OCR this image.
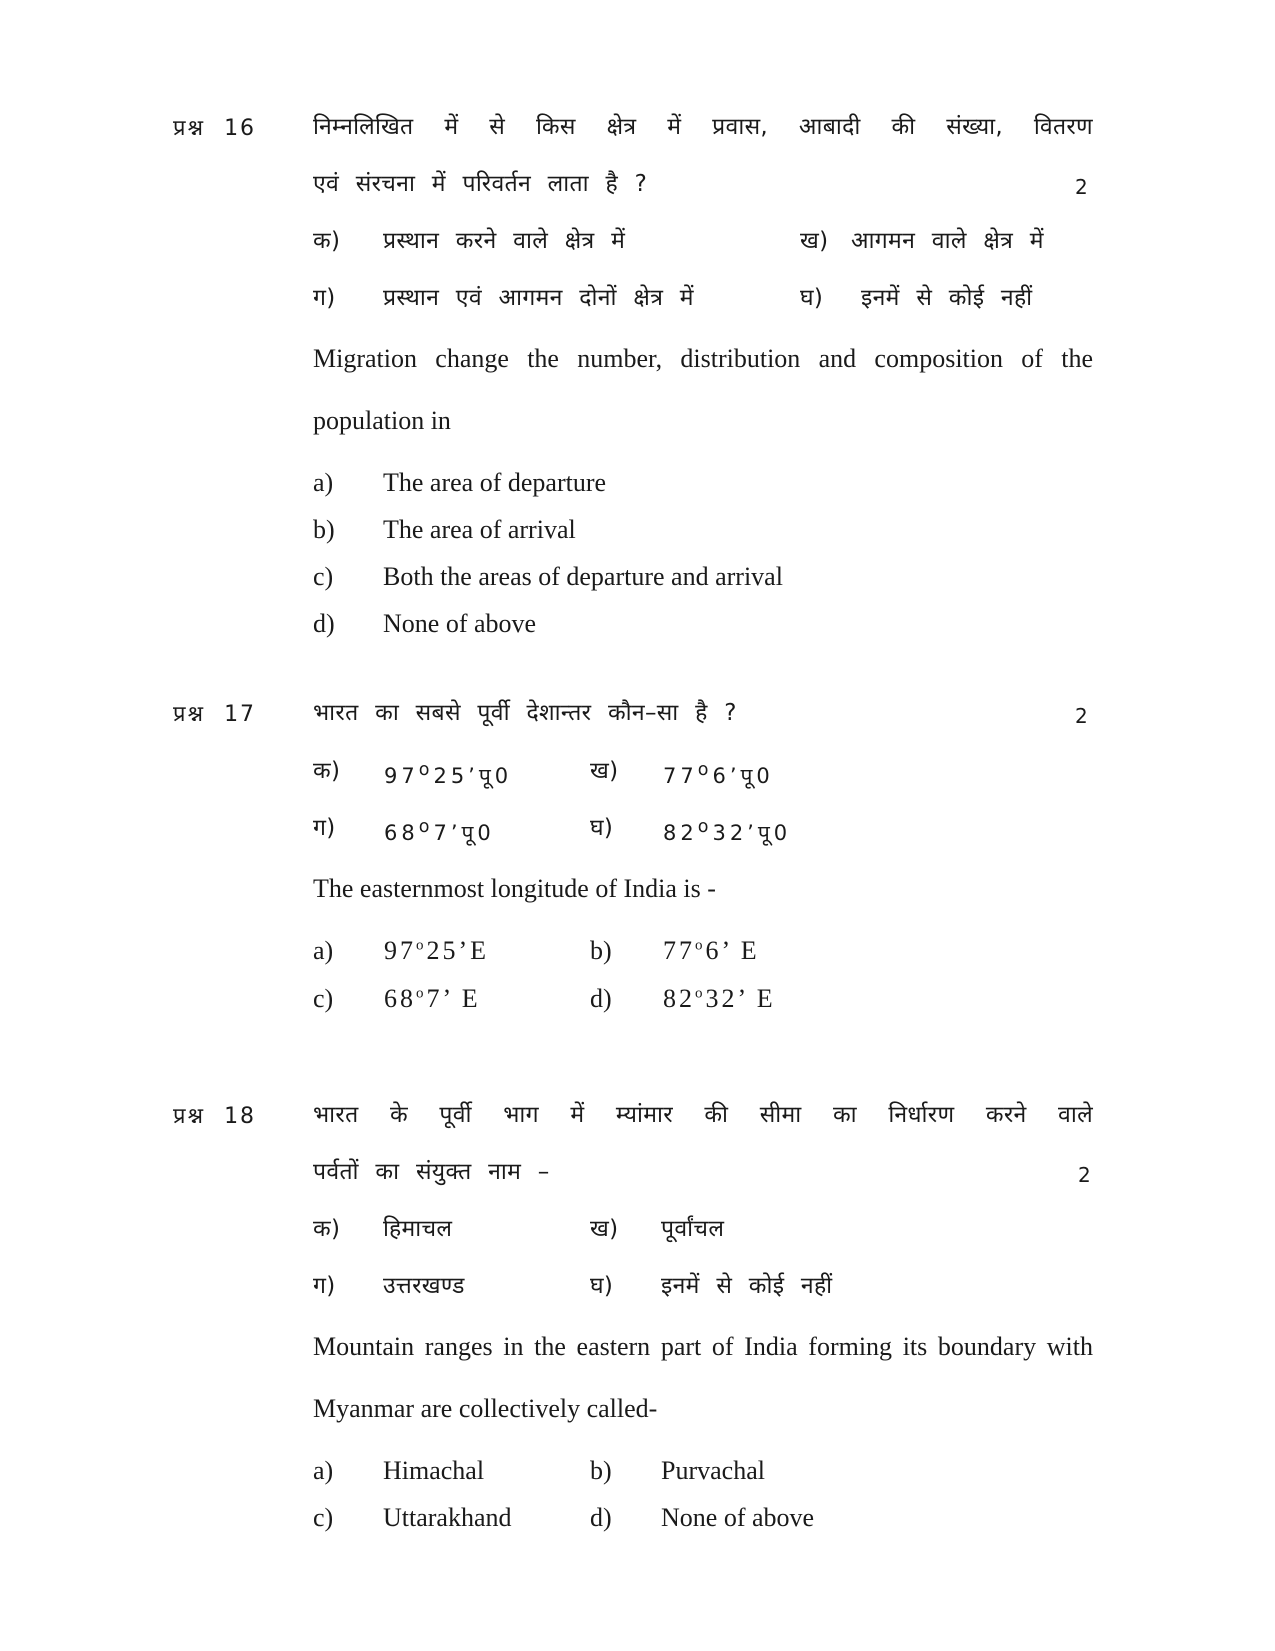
प्रश्न 16 निम्नलिखित में से किस क्षेत्र में प्रवास, आबादी की संख्या, वितरण
एवं संरचना में परिवर्तन लाता है ?	2
क) प्रस्थान करने वाले क्षेत्र में	ख) आगमन वाले क्षेत्र में
ग) प्रस्थान एवं आगमन दोनों क्षेत्र में	घ) इनमें से कोई नहीं
Migration change the number, distribution and composition of the
population in
a) The area of departure
b) The area of arrival
c) Both the areas of departure and arrival
d) None of above
प्रश्न 17 भारत का सबसे पूर्वी देशान्तर कौन–सा है ?	2
क) 97$^o$25’पू0	ख) 77$^o$6’पू0
ग) 68$^o$7’पू0	घ) 82$^o$32’पू0
The easternmost longitude of India is -
a) 97$^o$25’E	b) 77$^o$6’ E
c) 68$^o$7’ E	d) 82$^o$32’ E
प्रश्न 18 भारत के पूर्वी भाग में म्यांमार की सीमा का निर्धारण करने वाले
पर्वतों का संयुक्त नाम –	2
क) हिमाचल	ख) पूर्वांचल
ग) उत्तरखण्ड	घ) इनमें से कोई नहीं
Mountain ranges in the eastern part of India forming its boundary with
Myanmar are collectively called-
a) Himachal	b) Purvachal
c) Uttarakhand	d) None of above
